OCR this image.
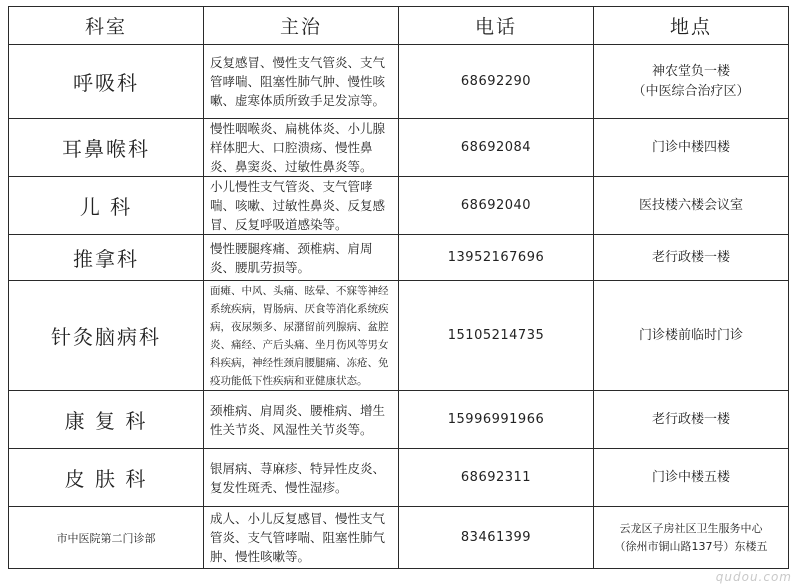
科室	主治	电话	地点
呼吸科	反复感冒、慢性支气管炎、支气管哮喘、阻塞性肺气肿、慢性咳嗽、虚寒体质所致手足发凉等。	68692290	神农堂负一楼
（中医综合治疗区）

耳鼻喉科	慢性咽喉炎、扁桃体炎、小儿腺样体肥大、口腔溃疡、慢性鼻炎、鼻窦炎、过敏性鼻炎等。	68692084	门诊中楼四楼

儿 科	小儿慢性支气管炎、支气管哮喘、咳嗽、过敏性鼻炎、反复感冒、反复呼吸道感染等。	68692040	医技楼六楼会议室

推拿科	慢性腰腿疼痛、颈椎病、肩周炎、腰肌劳损等。	13952167696	老行政楼一楼

针灸脑病科	面瘫、中风、头痛、眩晕、不寐等神经系统疾病，胃肠病、厌食等消化系统疾病，夜尿频多、尿潴留前列腺病、盆腔炎、痛经、产后头痛、坐月伤风等男女科疾病，神经性颈肩腰腿痛、冻疮、免疫功能低下性疾病和亚健康状态。	15105214735	门诊楼前临时门诊

康 复 科	颈椎病、肩周炎、腰椎病、增生性关节炎、风湿性关节炎等。	15996991966	老行政楼一楼

皮 肤 科	银屑病、荨麻疹、特异性皮炎、复发性斑秃、慢性湿疹。	68692311	门诊中楼五楼

市中医院第二门诊部	成人、小儿反复感冒、慢性支气管炎、支气管哮喘、阻塞性肺气肿、慢性咳嗽等。	83461399	云龙区子房社区卫生服务中心
（徐州市铜山路137号）东楼五
qudou.com
